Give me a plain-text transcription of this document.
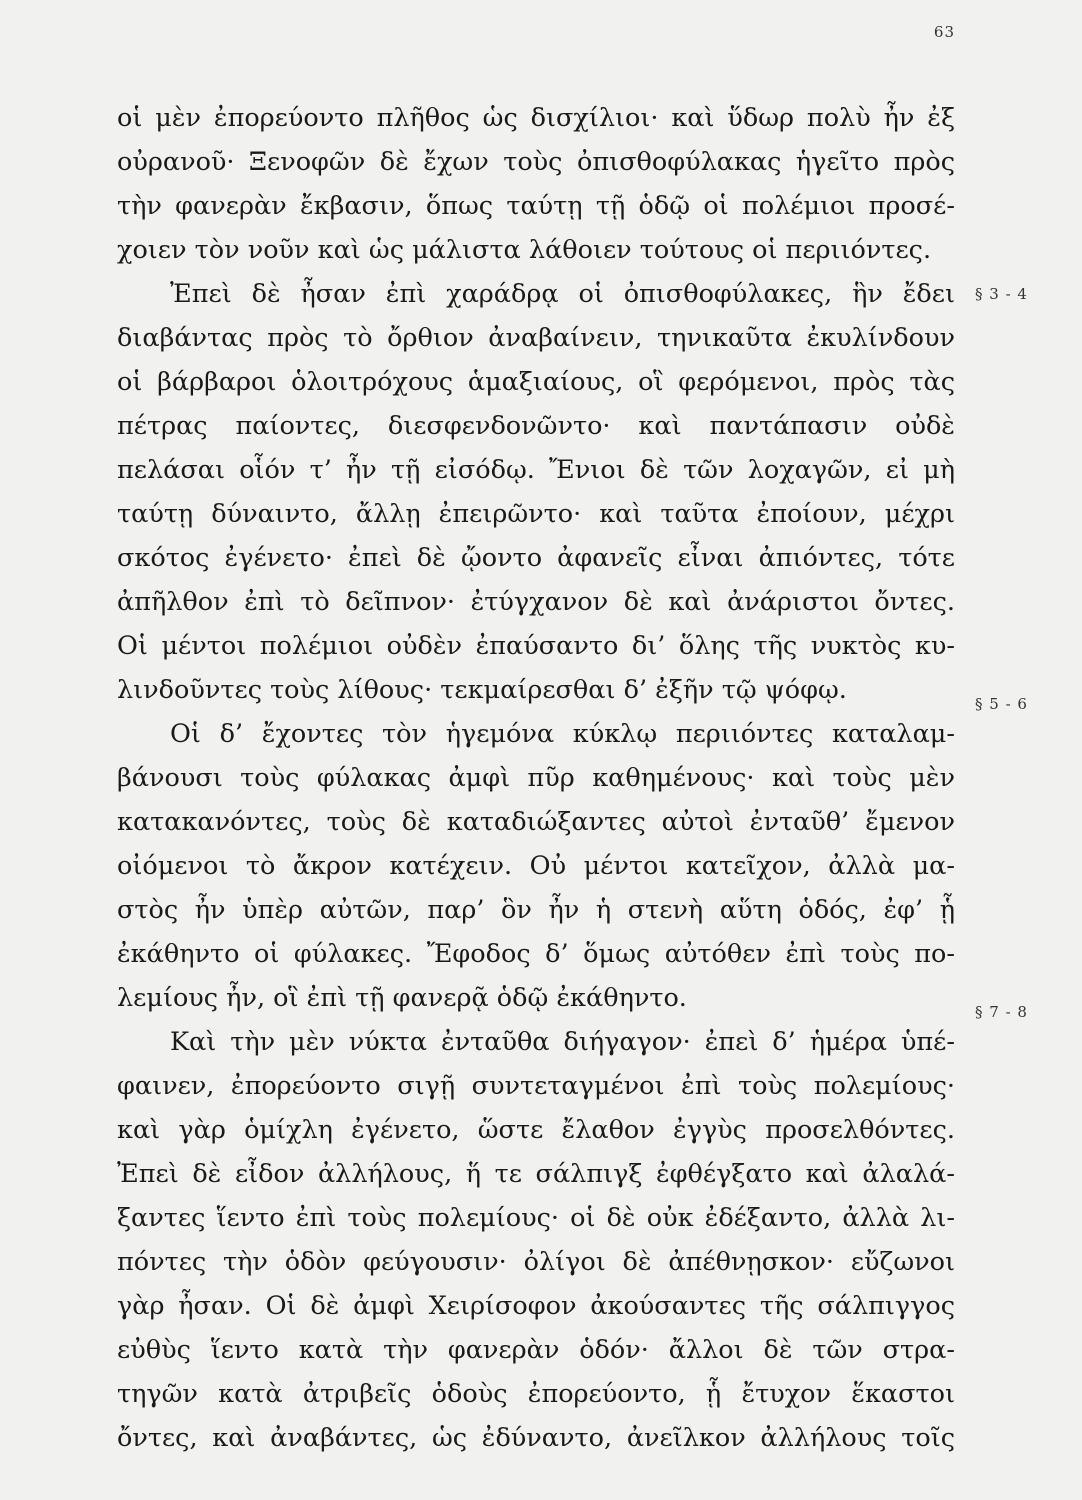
63
οἱ μὲν ἐπορεύοντο πλῆθος ὡς δισχίλιοι· καὶ ὕδωρ πολὺ ἦν ἐξ
οὐρανοῦ· Ξενοφῶν δὲ ἔχων τοὺς ὀπισθοφύλακας ἡγεῖτο πρὸς
τὴν φανερὰν ἔκβασιν, ὅπως ταύτῃ τῇ ὁδῷ οἱ πολέμιοι προσέ-
χοιεν τὸν νοῦν καὶ ὡς μάλιστα λάθοιεν τούτους οἱ περιιόντες.
Ἐπεὶ δὲ ἦσαν ἐπὶ χαράδρᾳ οἱ ὀπισθοφύλακες, ἣν ἔδει § 3 - 4
διαβάντας πρὸς τὸ ὄρθιον ἀναβαίνειν, τηνικαῦτα ἐκυλίνδουν
οἱ βάρβαροι ὁλοιτρόχους ἁμαξιαίους, οἳ φερόμενοι, πρὸς τὰς
πέτρας παίοντες, διεσφενδονῶντο· καὶ παντάπασιν οὐδὲ
πελάσαι οἷόν τ’ ἦν τῇ εἰσόδῳ. Ἔνιοι δὲ τῶν λοχαγῶν, εἰ μὴ
ταύτῃ δύναιντο, ἄλλῃ ἐπειρῶντο· καὶ ταῦτα ἐποίουν, μέχρι
σκότος ἐγένετο· ἐπεὶ δὲ ᾤοντο ἀφανεῖς εἶναι ἀπιόντες, τότε
ἀπῆλθον ἐπὶ τὸ δεῖπνον· ἐτύγχανον δὲ καὶ ἀνάριστοι ὄντες.
Οἱ μέντοι πολέμιοι οὐδὲν ἐπαύσαντο δι’ ὅλης τῆς νυκτὸς κυ-
λινδοῦντες τοὺς λίθους· τεκμαίρεσθαι δ’ ἐξῆν τῷ ψόφῳ.
Οἱ δ’ ἔχοντες τὸν ἡγεμόνα κύκλῳ περιιόντες καταλαμ-
§ 5 - 6
βάνουσι τοὺς φύλακας ἀμφὶ πῦρ καθημένους· καὶ τοὺς μὲν
κατακανόντες, τοὺς δὲ καταδιώξαντες αὐτοὶ ἐνταῦθ’ ἔμενον
οἰόμενοι τὸ ἄκρον κατέχειν. Οὐ μέντοι κατεῖχον, ἀλλὰ μα-
στὸς ἦν ὑπὲρ αὐτῶν, παρ’ ὃν ἦν ἡ στενὴ αὕτη ὁδός, ἐφ’ ᾗ
ἐκάθηντο οἱ φύλακες. Ἔφοδος δ’ ὅμως αὐτόθεν ἐπὶ τοὺς πο-
λεμίους ἦν, οἳ ἐπὶ τῇ φανερᾷ ὁδῷ ἐκάθηντο.
Καὶ τὴν μὲν νύκτα ἐνταῦθα διήγαγον· ἐπεὶ δ’ ἡμέρα ὑπέ-
§ 7 - 8
φαινεν, ἐπορεύοντο σιγῇ συντεταγμένοι ἐπὶ τοὺς πολεμίους·
καὶ γὰρ ὁμίχλη ἐγένετο, ὥστε ἔλαθον ἐγγὺς προσελθόντες.
Ἐπεὶ δὲ εἶδον ἀλλήλους, ἥ τε σάλπιγξ ἐφθέγξατο καὶ ἀλαλά-
ξαντες ἵεντο ἐπὶ τοὺς πολεμίους· οἱ δὲ οὐκ ἐδέξαντο, ἀλλὰ λι-
πόντες τὴν ὁδὸν φεύγουσιν· ὀλίγοι δὲ ἀπέθνῃσκον· εὔζωνοι
γὰρ ἦσαν. Οἱ δὲ ἀμφὶ Χειρίσοφον ἀκούσαντες τῆς σάλπιγγος
εὐθὺς ἵεντο κατὰ τὴν φανερὰν ὁδόν· ἄλλοι δὲ τῶν στρα-
τηγῶν κατὰ ἀτριβεῖς ὁδοὺς ἐπορεύοντο, ᾗ ἔτυχον ἕκαστοι
ὄντες, καὶ ἀναβάντες, ὡς ἐδύναντο, ἀνεῖλκον ἀλλήλους τοῖς
